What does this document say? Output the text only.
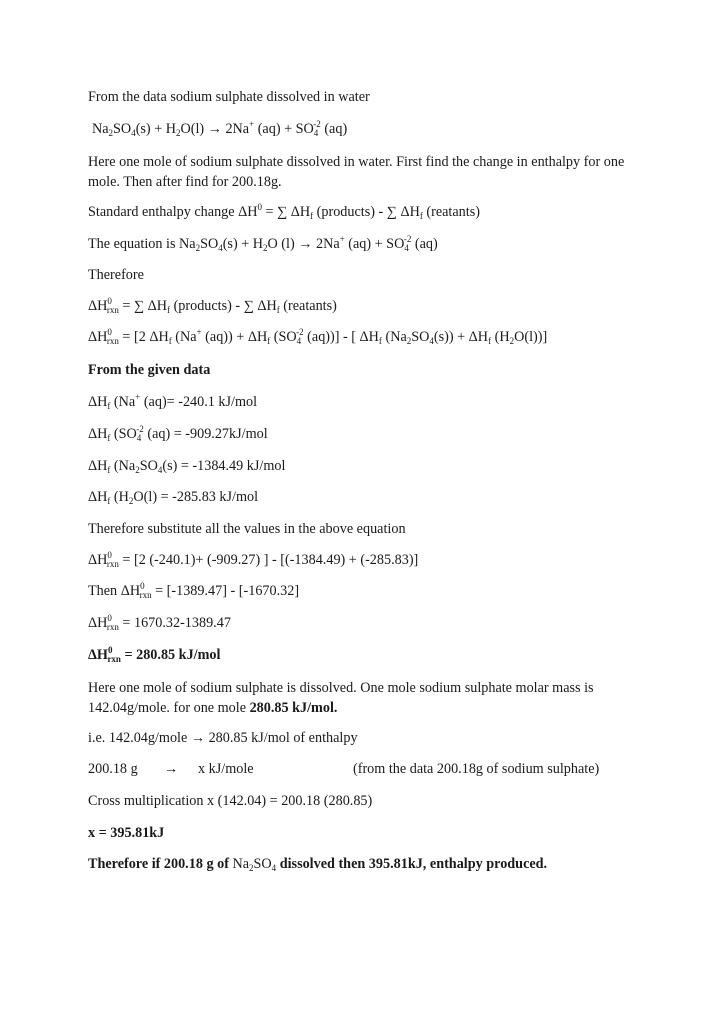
From the data sodium sulphate dissolved in water
$Na_2SO_4(s) + H_2O(l) \to 2Na^+$ $(aq) + SO_4^{-2}$ (aq)
Here one mole of sodium sulphate dissolved in water. First find the change in enthalpy for one mole. Then after find for 200.18g.
Standard enthalpy change $\Delta H^0$ = ∑ $\Delta H_f$ (products) - ∑ $\Delta H_f$ (reatants)
The equation is $Na_2SO_4(s) + H_2O$ (l) → 2Na+ $(aq) + SO_4^{-2}$ (aq)
Therefore
$\Delta H^0_{rxn}$ = ∑ $\Delta H_f$ (products) - ∑ $\Delta H_f$ (reatants)
$\Delta H^0_{rxn} = [2$ $\Delta H_f$ (Na+ $(aq)) + \Delta H_f$ ($SO_4^{-2}$ (aq))] - [ $\Delta H_f$ $(Na_2SO_4(s)) + \Delta H_f$ $(H_2O(l))$]
From the given data
$\Delta H_f$ (Na+ (aq)= -240.1 kJ/mol
$\Delta H_f$ ($SO_4^{-2}$ (aq) = -909.27kJ/mol
$\Delta H_f$ ($Na_2SO_4(s) = -1384.49$ kJ/mol
$\Delta H_f$ ($H_2O(l) = -285.83$ kJ/mol
Therefore substitute all the values in the above equation
$\Delta H^0_{rxn} = [2$ (-240.1)+ (-909.27) ] - [(-1384.49) + (-285.83)]
Then $\Delta H^0_{rxn} = [-1389.47] - [-1670.32]$
$\Delta H^0_{rxn} = 1670.32-1389.47$
$\Delta H^0_{rxn} = 280.85$ kJ/mol
Here one mole of sodium sulphate is dissolved. One mole sodium sulphate molar mass is 142.04g/mole. for one mole 280.85 kJ/mol.
i.e. 142.04g/mole → 280.85 kJ/mol of enthalpy
200.18 g → x kJ/mole	(from the data 200.18g of sodium sulphate)
Cross multiplication x (142.04) = 200.18 (280.85)
x = 395.81kJ
Therefore if 200.18 g of $Na_2SO_4$ dissolved then 395.81kJ, enthalpy produced.
